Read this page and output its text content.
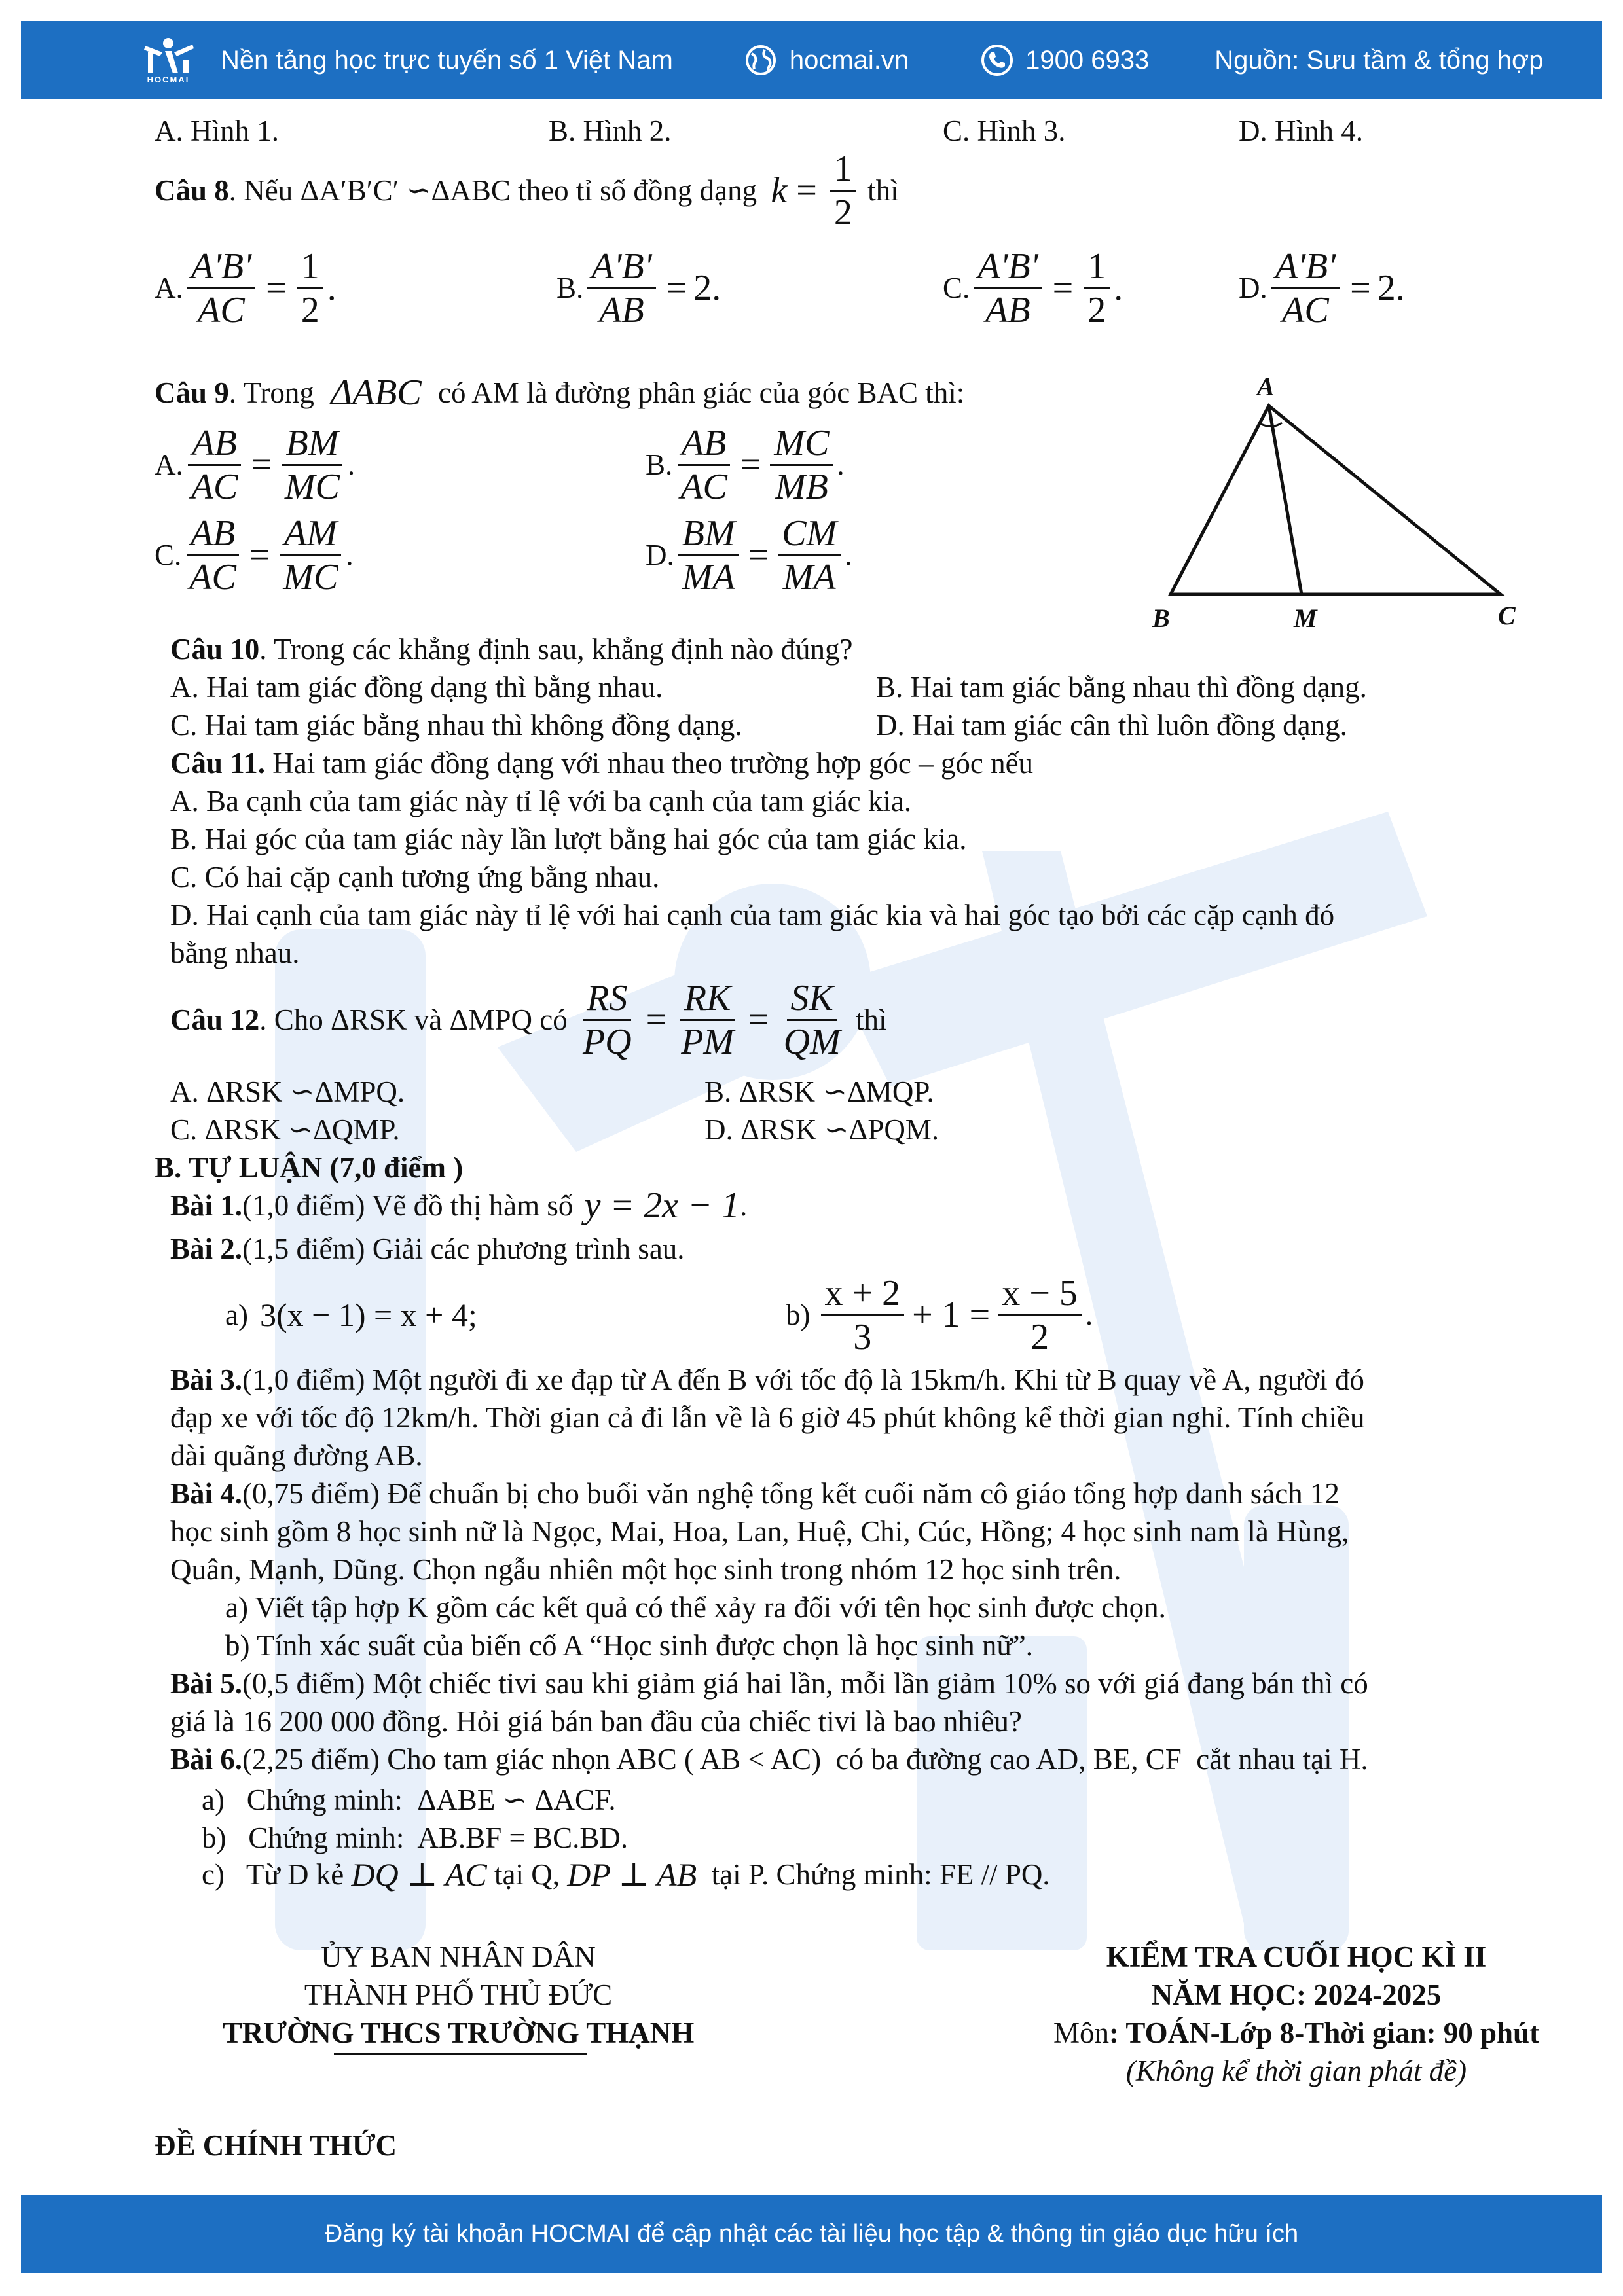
HOCMAI
Nền tảng học trực tuyến số 1 Việt Nam	hocmai.vn	1900 6933	Nguồn: Sưu tầm & tổng hợp
A. Hình 1.	B. Hình 2.	C. Hình 3.	D. Hình 4.
Câu 8 . Nếu ΔA′B′C′ ∽ΔABC theo tỉ số đồng dạng $k = \frac{1}{2}$ thì
A. $\frac{A'B'}{AC} = \frac{1}{2}$ .	B. $\frac{A'B'}{AB} = 2$.	C. $\frac{A'B'}{AB} = \frac{1}{2}$ .	D. $\frac{A'B'}{AC} = 2$.
Câu 9 . Trong ΔABC có AM là đường phân giác của góc BAC thì:
A. $\frac{AB}{AC} = \frac{BM}{MC}$ .	B. $\frac{AB}{AC} = \frac{MC}{MB}$ .
C. $\frac{AB}{AC} = \frac{AM}{MC}$ .	D. $\frac{BM}{MA} = \frac{CM}{MA}$ .
A
B	M	C
Câu 10. Trong các khẳng định sau, khẳng định nào đúng?
A. Hai tam giác đồng dạng thì bằng nhau.	B. Hai tam giác bằng nhau thì đồng dạng.
C. Hai tam giác bằng nhau thì không đồng dạng.	D. Hai tam giác cân thì luôn đồng dạng.
Câu 11. Hai tam giác đồng dạng với nhau theo trường hợp góc – góc nếu
A. Ba cạnh của tam giác này tỉ lệ với ba cạnh của tam giác kia.
B. Hai góc của tam giác này lần lượt bằng hai góc của tam giác kia.
C. Có hai cặp cạnh tương ứng bằng nhau.
D. Hai cạnh của tam giác này tỉ lệ với hai cạnh của tam giác kia và hai góc tạo bởi các cặp cạnh đó
bằng nhau.
Câu 12 . Cho ΔRSK và ΔMPQ có $\frac{RS}{PQ} = \frac{RK}{PM} = \frac{SK}{QM}$ thì
A. ΔRSK ∽ΔMPQ.	B. ΔRSK ∽ΔMQP.
C. ΔRSK ∽ΔQMP.	D. ΔRSK ∽ΔPQM.
B. TỰ LUẬN (7,0 điểm )
Bài 1. (1,0 điểm) Vẽ đồ thị hàm số y = 2x − 1 .
Bài 2.(1,5 điểm) Giải các phương trình sau.
a) 3(x − 1) = x + 4;	$b) \frac{x + 2}{3} + 1 = \frac{x - 5}{2}$ .
Bài 3.(1,0 điểm) Một người đi xe đạp từ A đến B với tốc độ là 15km/h. Khi từ B quay về A, người đó
đạp xe với tốc độ 12km/h. Thời gian cả đi lẫn về là 6 giờ 45 phút không kể thời gian nghỉ. Tính chiều
dài quãng đường AB.
Bài 4.(0,75 điểm) Để chuẩn bị cho buổi văn nghệ tổng kết cuối năm cô giáo tổng hợp danh sách 12
học sinh gồm 8 học sinh nữ là Ngọc, Mai, Hoa, Lan, Huệ, Chi, Cúc, Hồng; 4 học sinh nam là Hùng,
Quân, Mạnh, Dũng. Chọn ngẫu nhiên một học sinh trong nhóm 12 học sinh trên.
a) Viết tập hợp K gồm các kết quả có thể xảy ra đối với tên học sinh được chọn.
b) Tính xác suất của biến cố A “Học sinh được chọn là học sinh nữ”.
Bài 5.(0,5 điểm) Một chiếc tivi sau khi giảm giá hai lần, mỗi lần giảm 10% so với giá đang bán thì có
giá là 16 200 000 đồng. Hỏi giá bán ban đầu của chiếc tivi là bao nhiêu?
Bài 6.(2,25 điểm) Cho tam giác nhọn ABC ( AB < AC)  có ba đường cao AD, BE, CF  cắt nhau tại H.
a)   Chứng minh:  ΔABE ∽ ΔACF.
b)   Chứng minh:  AB.BF = BC.BD.
c)   Từ D kẻ DQ ⊥ AC tại Q, DP ⊥ AB tại P. Chứng minh: FE // PQ.
ỦY BAN NHÂN DÂN
THÀNH PHỐ THỦ ĐỨC
TRƯỜNG THCS TRƯỜNG THẠNH
KIỂM TRA CUỐI HỌC KÌ II
NĂM HỌC: 2024-2025
Môn: TOÁN-Lớp 8-Thời gian: 90 phút
(Không kể thời gian phát đề)
ĐỀ CHÍNH THỨC
Đăng ký tài khoản HOCMAI để cập nhật các tài liệu học tập & thông tin giáo dục hữu ích
